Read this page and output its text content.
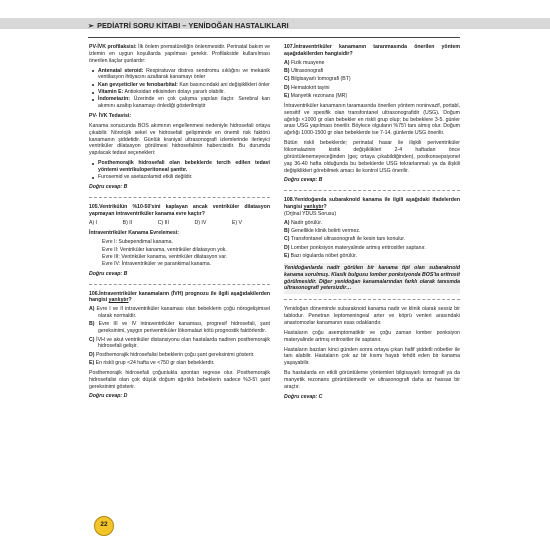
➢ PEDİATRİ SORU KİTABI – YENİDOĞAN HASTALIKLARI

PV-İVK profilaksisi: İlk önlem prematüreliğin önlenmesidir. Perinatal bakım ve izlemin en uygun koşullarda yapılması gerekir. Profilakside kullanılması önerilen ilaçlar şunlardır:

Antenatal steroid: Respiratuvar distres sendromu sıklığını ve mekanik ventilasyon ihtiyacını azaltarak kanamayı önler
Kan gevşeticiler ve fenobarbital: Kan basıncındaki ani değişiklikleri önler
Vitamin E: Antioksidan etkisinden dolayı yararlı olabilir.
İndometazin: Üzerinde en çok çalışma yapılan ilaçtır. Serebral kan akımını azaltıp kanamayı önlediği gösterilmiştir

PV- İVK Tedavisi:

Kanama sonucunda BOS akımının engellenmesi nedeniyle hidrosefali ortaya çıkabilir. Nörolojik sekel ve hidrosefali gelişiminde en önemli risk faktörü kanamanın şiddetidir. Günlük kraniyal ultrasonografi izlemlerinde ilerleyici ventriküler dilatasyon görülmesi hidrosefalinin habercisidir. Bu durumda yapılacak tedavi seçenekleri:

Posthemorajik hidrosefali olan bebeklerde tercih edilen tedavi yöntemi ventrikuloperitoneal şanttır.
Furosemid ve asetazolamid etkili değildir.

Doğru cevap: B

105.Ventrikülün %10-50'sini kaplayan ancak ventriküler dilatasyon yapmayan intraventriküler kanama evre kaçtır?

A) I	B) II	C) III	D) IV	E) V

İntraventriküler Kanama Evrelemesi:

Evre I: Subependimal kanama.
Evre II: Ventriküler kanama, ventriküler dilatasyon yok.
Evre III: Ventriküler kanama, ventriküler dilatasyon var.
Evre IV: İntraventriküler ve parankimal kanama.

Doğru cevap: B

106.İntraventriküler kanamaların (İVH) prognozu ile ilgili aşağıdakilerden hangisi yanlıştır?

A) Evre I ve II intraventriküler kanaması olan bebeklerin çoğu nörogelişimsel olarak normaldir.
B) Evre III ve IV intraventriküler kanaması, progresif hidrosefali, şant gereksinimi, yaygın periventriküler lökomalazi kötü prognostik faktörlerdir.
C) İVH ve akut ventriküler distansiyonu olan hastalarda nadiren posthemorajik hidrosefali gelişir.
D) Posthemorajik hidrosefalisi bebeklerin çoğu şant gereksinimi gösterir.
E) En riskli grup <24 hafta ve <750 gr olan bebeklerdir.

Posthemorajik hidrosefali çoğunlukla spontan regrese olur. Posthemorajik hidrosefalisi olan çok düşük doğum ağırlıklı bebeklerin sadece %3-5'i şant gereksinimi gösterir.

Doğru cevap: D

107.İntraventriküler kanamanın taranmasında önerilen yöntem aşağıdakilerden hangisidir?

A) Fizik muayene
B) Ultrasonografi
C) Bilgisayarlı tomografi (BT)
D) Hematokrit tayini
E) Manyetik rezonans (MR)

İntraventriküler kanamanın taramasında önerilen yöntem noninvazif, portabl, sensitif ve spesifik olan transfontanel ultrasonografidir (USG). Doğum ağırlığı <1000 gr olan bebekler en riskli grup olup; bu bebeklere 3-5. günler arası USG yapılması önerilir. Böylece olguların %75'i tanı almış olur. Doğum ağırlığı 1000-1500 gr olan bebeklerde ise 7-14. günlerde USG önerilir.

Bütün riskli bebeklerde; perinatal hasar ile ilişkili periventriküler lökomalazinin kistik değişiklikleri 2-4 haftadan önce görüntülenemeyeceğinden (geç ortaya çıkabildiğinden), postkonsepsiyonel yaş 36-40 hafta olduğunda bu bebeklerde USG tekrarlanmalı ya da ilişkili değişiklikleri görebilmek amacı ile kontrol USG önerilir.

Doğru cevap: B

108.Yenidoğanda subaraknoid kanama ile ilgili aşağıdaki ifadelerden hangisi yanlıştır?

(Orjinal YDUS Sorusu)

A) Nadir görülür.
B) Genellikle klinik belirti vermez.
C) Transfontanel ultrasonografi ile kesin tanı konulur.
D) Lomber ponksiyon materyalinde artmış eritrositler saptanır.
E) Bazı olgularda nöbet görülür.

Yenidoğanlarda nadir görülen bir kanama tipi olan subaraknoid kanama sorulmuş. Klasik bulgusu lomber ponksiyonda BOS'ta eritrosit görülmesidir. Diğer yenidoğan kanamalarından farklı olarak tanısında ultrasonografi yetersizdir…

Yenidoğan döneminde subaraknoid kanama nadir ve klinik olarak sessiz bir tablodur. Penetran leptomeningeal arter ve köprü venleri arasındaki anastomozlar kanamanın esas odaklarıdır.

Hastaların çoğu asemptomatiktir ve çoğu zaman lomber ponksiyon materyalinde artmış eritrositler ile saptanır.

Hastaların bazıları kinci günden sonra ortaya çıkan hafif şiddetli nöbetler ile tanı alabilir. Hastaların çok az bir kısmı hayatı tehdit eden bir kanama yaşayabilir.

Bu hastalarda en etkili görüntüleme yöntemleri bilgisayarlı tomografi ya da manyetik rezonans görüntülemedir ve ultrasonografi daha az hassas bir araçtır.

Doğru cevap: C

22
